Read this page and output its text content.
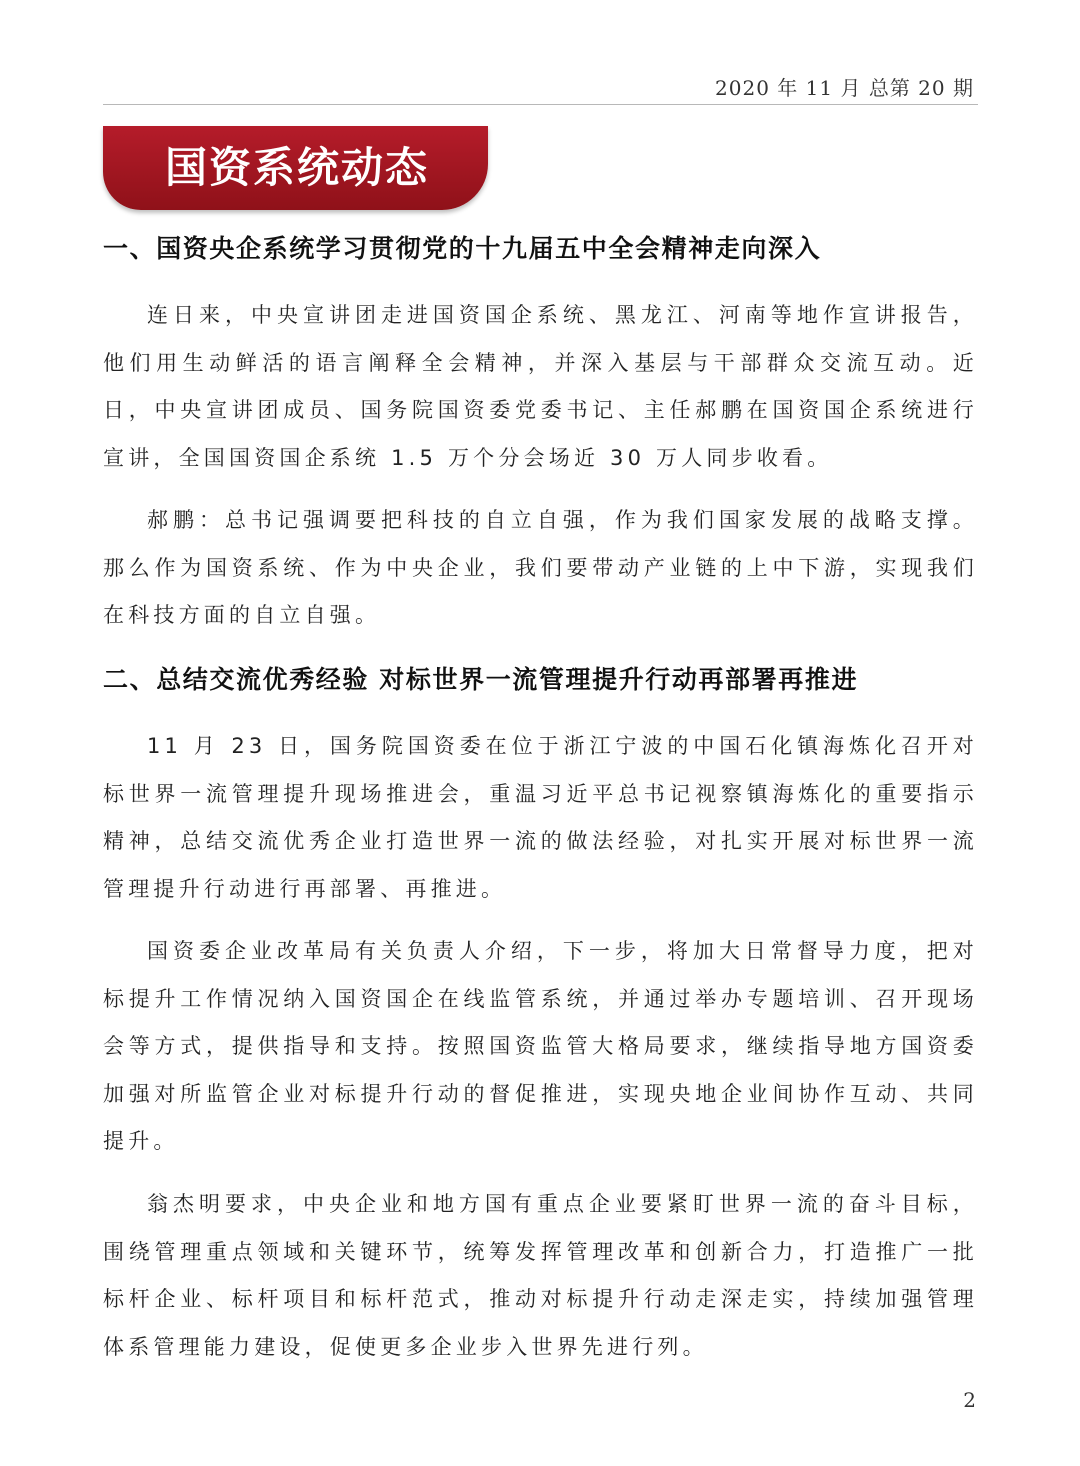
2020 年 11 月 总第 20 期
国资系统动态
一、国资央企系统学习贯彻党的十九届五中全会精神走向深入

连日来，中央宣讲团走进国资国企系统、黑龙江、河南等地作宣讲报告，他们用生动鲜活的语言阐释全会精神，并深入基层与干部群众交流互动。近日，中央宣讲团成员、国务院国资委党委书记、主任郝鹏在国资国企系统进行宣讲，全国国资国企系统 1.5 万个分会场近 30 万人同步收看。

郝鹏：总书记强调要把科技的自立自强，作为我们国家发展的战略支撑。那么作为国资系统、作为中央企业，我们要带动产业链的上中下游，实现我们在科技方面的自立自强。

二、总结交流优秀经验 对标世界一流管理提升行动再部署再推进

11 月 23 日，国务院国资委在位于浙江宁波的中国石化镇海炼化召开对标世界一流管理提升现场推进会，重温习近平总书记视察镇海炼化的重要指示精神，总结交流优秀企业打造世界一流的做法经验，对扎实开展对标世界一流管理提升行动进行再部署、再推进。

国资委企业改革局有关负责人介绍，下一步，将加大日常督导力度，把对标提升工作情况纳入国资国企在线监管系统，并通过举办专题培训、召开现场会等方式，提供指导和支持。按照国资监管大格局要求，继续指导地方国资委加强对所监管企业对标提升行动的督促推进，实现央地企业间协作互动、共同提升。

翁杰明要求，中央企业和地方国有重点企业要紧盯世界一流的奋斗目标，围绕管理重点领域和关键环节，统筹发挥管理改革和创新合力，打造推广一批标杆企业、标杆项目和标杆范式，推动对标提升行动走深走实，持续加强管理体系管理能力建设，促使更多企业步入世界先进行列。

2
